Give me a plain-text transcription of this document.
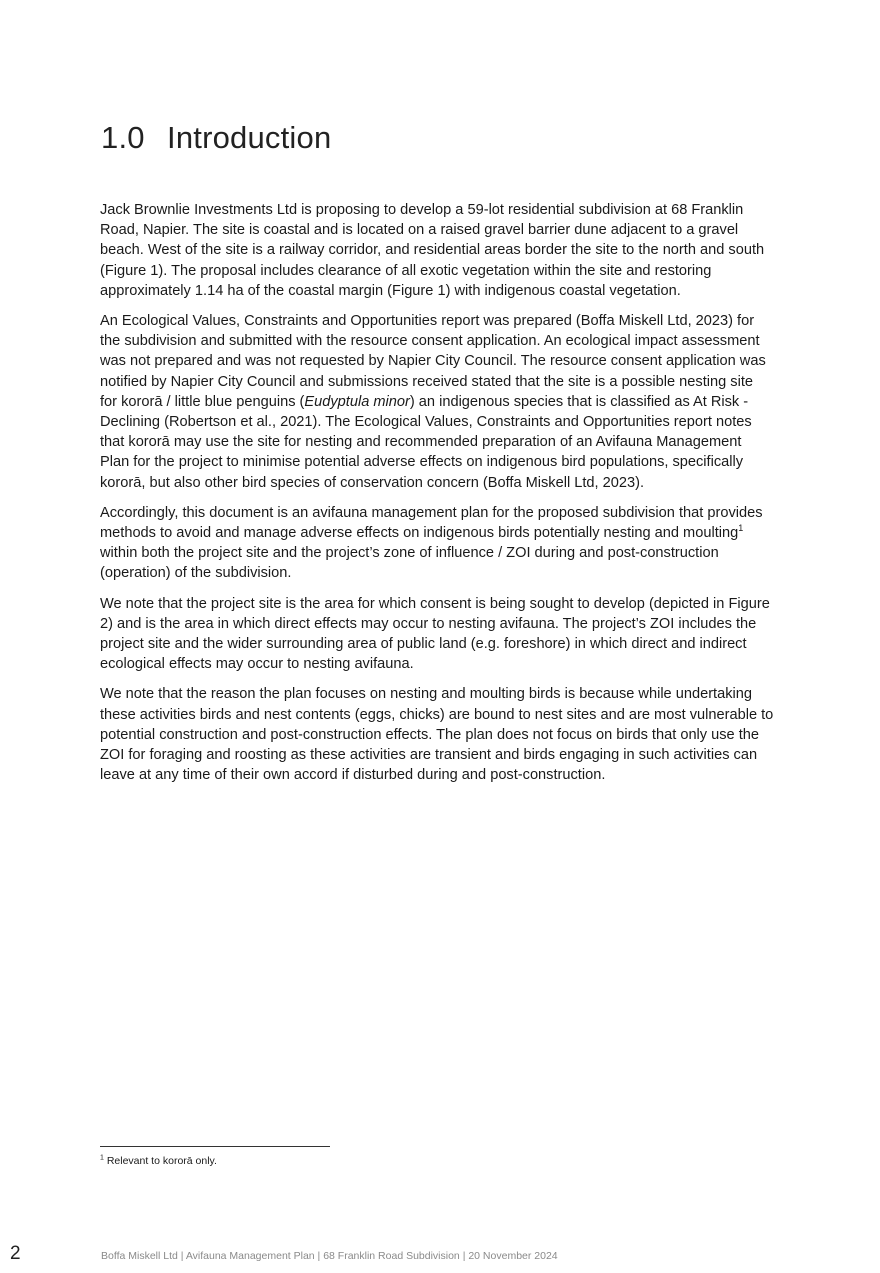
1.0 Introduction

Jack Brownlie Investments Ltd is proposing to develop a 59-lot residential subdivision at 68 Franklin Road, Napier. The site is coastal and is located on a raised gravel barrier dune adjacent to a gravel beach. West of the site is a railway corridor, and residential areas border the site to the north and south (Figure 1). The proposal includes clearance of all exotic vegetation within the site and restoring approximately 1.14 ha of the coastal margin (Figure 1) with indigenous coastal vegetation.

An Ecological Values, Constraints and Opportunities report was prepared (Boffa Miskell Ltd, 2023) for the subdivision and submitted with the resource consent application. An ecological impact assessment was not prepared and was not requested by Napier City Council. The resource consent application was notified by Napier City Council and submissions received stated that the site is a possible nesting site for kororā / little blue penguins (Eudyptula minor) an indigenous species that is classified as At Risk - Declining (Robertson et al., 2021). The Ecological Values, Constraints and Opportunities report notes that kororā may use the site for nesting and recommended preparation of an Avifauna Management Plan for the project to minimise potential adverse effects on indigenous bird populations, specifically kororā, but also other bird species of conservation concern (Boffa Miskell Ltd, 2023).

Accordingly, this document is an avifauna management plan for the proposed subdivision that provides methods to avoid and manage adverse effects on indigenous birds potentially nesting and moulting$^1$ within both the project site and the project’s zone of influence / ZOI during and post-construction (operation) of the subdivision.

We note that the project site is the area for which consent is being sought to develop (depicted in Figure 2) and is the area in which direct effects may occur to nesting avifauna. The project’s ZOI includes the project site and the wider surrounding area of public land (e.g. foreshore) in which direct and indirect ecological effects may occur to nesting avifauna.

We note that the reason the plan focuses on nesting and moulting birds is because while undertaking these activities birds and nest contents (eggs, chicks) are bound to nest sites and are most vulnerable to potential construction and post-construction effects. The plan does not focus on birds that only use the ZOI for foraging and roosting as these activities are transient and birds engaging in such activities can leave at any time of their own accord if disturbed during and post-construction.

$^1$ Relevant to kororā only.
2	Boffa Miskell Ltd | Avifauna Management Plan | 68 Franklin Road Subdivision | 20 November 2024
